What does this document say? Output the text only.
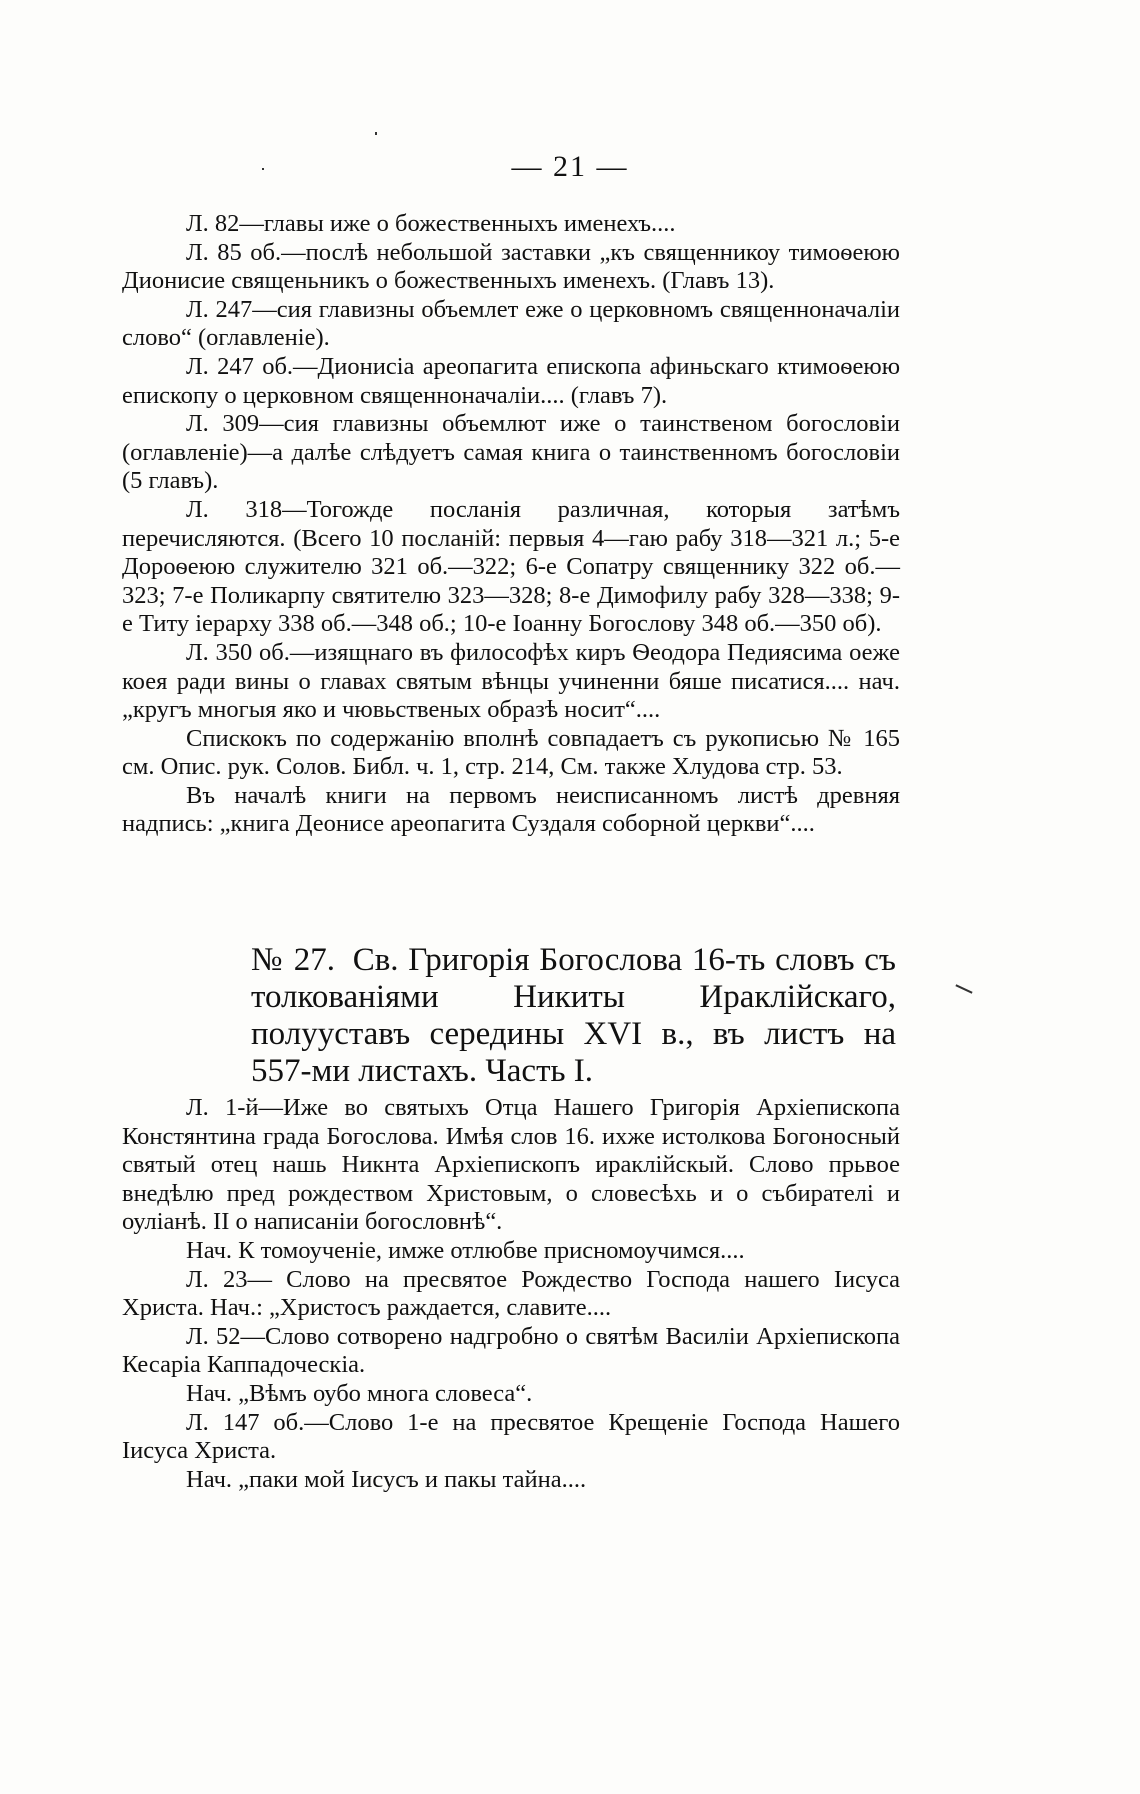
— 21 —

Л. 82—главы иже о божественныхъ именехъ....

Л. 85 об.—послѣ небольшой заставки „къ священникоу тимоѳеюю Дионисие священьникъ о божественныхъ именехъ. (Главъ 13).

Л. 247—сия главизны объемлет еже о церковномъ священноначалiи слово“ (оглавленiе).

Л. 247 об.—Дионисiа ареопагита епископа афиньскаго ктимоѳеюю епископу о церковном священноначалiи.... (главъ 7).

Л. 309—сия главизны объемлют иже о таинственом богословiи (оглавленiе)—а далѣе слѣдуетъ самая книга о таинственномъ богословiи (5 главъ).

Л. 318—Тогожде посланiя различная, которыя затѣмъ перечисляются. (Всего 10 посланiй: первыя 4—гаю рабу 318—321 л.; 5-е Дороѳеюю служителю 321 об.—322; 6-е Сопатру священнику 322 об.—323; 7-е Поликарпу святителю 323—328; 8-е Димофилу рабу 328—338; 9-е Титу iерарху 338 об.—348 об.; 10-е Iоанну Богослову 348 об.—350 об).

Л. 350 об.—изящнаго въ философѣх киръ Ѳеодора Педиясима оеже коея ради вины о главах святым вѣнцы учиненни бяше писатися.... нач. „кругъ многыя яко и чювьственых образѣ носит“....

Спискокъ по содержанiю вполнѣ совпадаетъ съ рукописью № 165 см. Опис. рук. Солов. Библ. ч. 1, стр. 214, См. также Хлудова стр. 53.

Въ началѣ книги на первомъ неисписанномъ листѣ древняя надпись: „книга Деонисе ареопагита Суздаля соборной церкви“....

№ 27. Св. Григорiя Богослова 16-ть словъ съ толкованiями Никиты Ираклiйскаго, полууставъ середины XVI в., въ листъ на 557-ми листахъ. Часть I.

Л. 1-й—Иже во святыхъ Отца Нашего Григорiя Архiепископа Констянтина града Богослова. Имѣя слов 16. ихже истолкова Богоносный святый отец нашь Никнта Архiепископъ ираклiйскый. Слово прьвое внедѣлю пред рождеством Христовым, о словесѣхь и о събирателi и оулiанѣ. II о написанiи богословнѣ“.

Нач. К томоученiе, имже отлюбве присномоучимся....

Л. 23— Слово на пресвятое Рождество Господа нашего Iисуса Христа. Нач.: „Христосъ раждается, славите....

Л. 52—Слово сотворено надгробно о святѣм Василiи Архiепископа Кесарiа Каппадоческiа.

Нач. „Вѣмъ оубо многа словеса“.

Л. 147 об.—Слово 1-е на пресвятое Крещенiе Господа Нашего Iисуса Христа.

Нач. „паки мой Iисусъ и пакы тайна....
